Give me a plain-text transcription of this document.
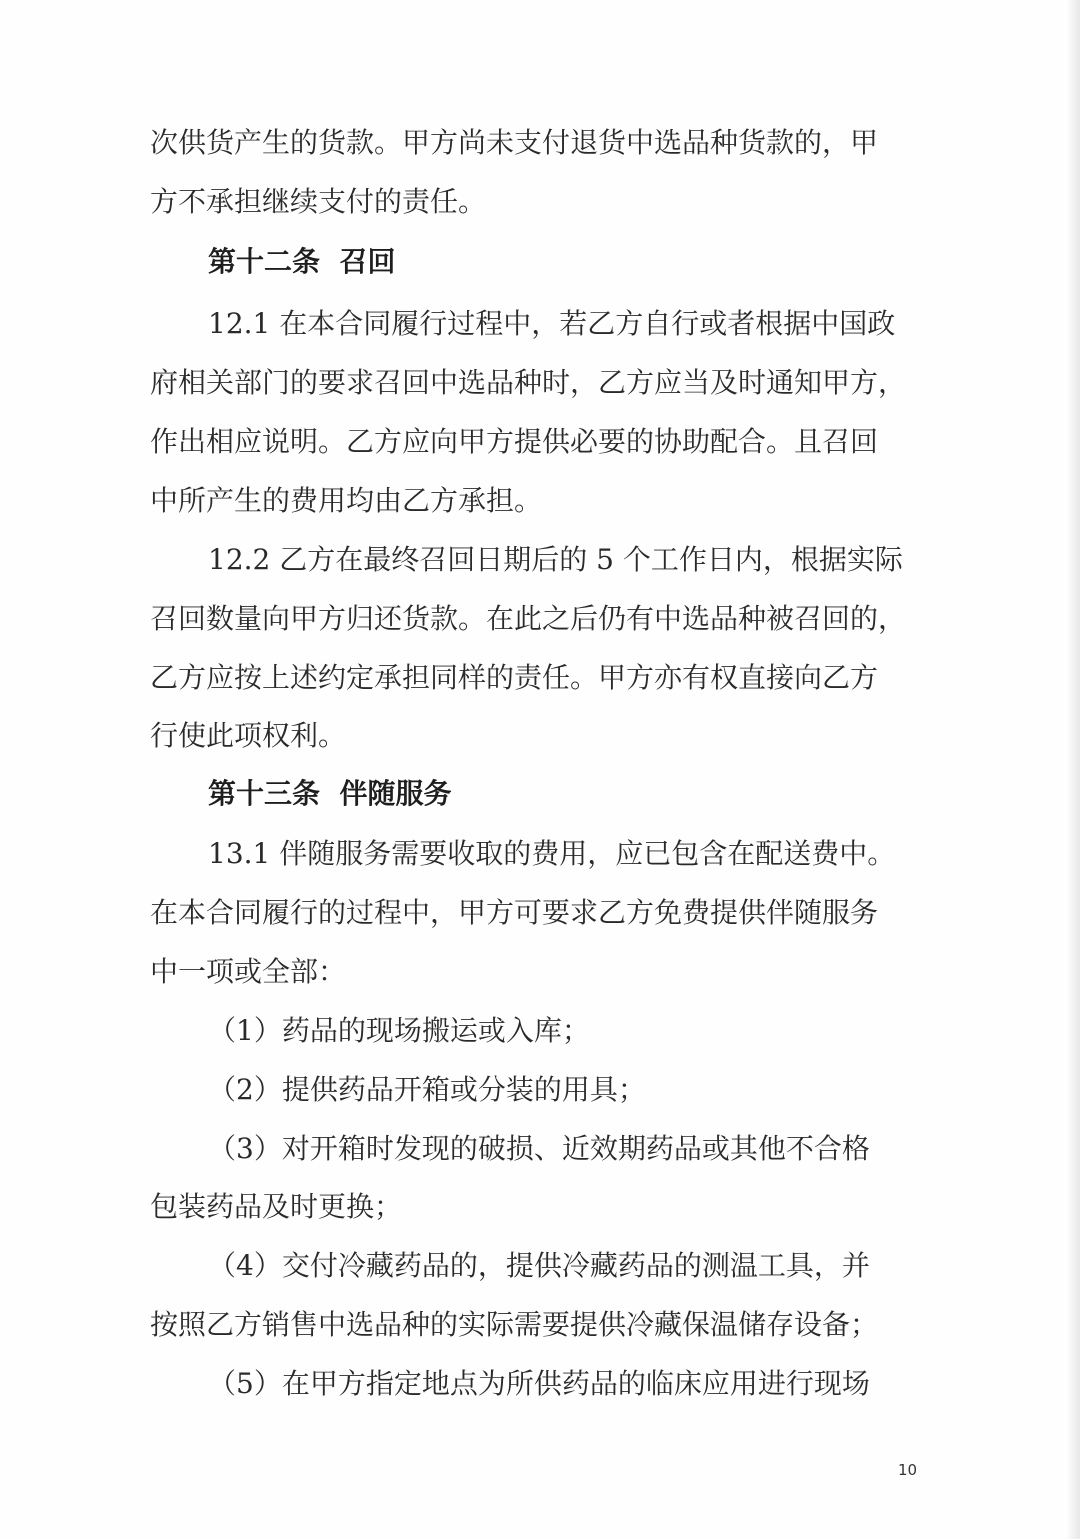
次供货产生的货款。甲方尚未支付退货中选品种货款的，甲
方不承担继续支付的责任。
第十二条  召回
12.1 在本合同履行过程中，若乙方自行或者根据中国政
府相关部门的要求召回中选品种时，乙方应当及时通知甲方，
作出相应说明。乙方应向甲方提供必要的协助配合。且召回
中所产生的费用均由乙方承担。
12.2 乙方在最终召回日期后的 5 个工作日内，根据实际
召回数量向甲方归还货款。在此之后仍有中选品种被召回的，
乙方应按上述约定承担同样的责任。甲方亦有权直接向乙方
行使此项权利。
第十三条  伴随服务
13.1 伴随服务需要收取的费用，应已包含在配送费中。
在本合同履行的过程中，甲方可要求乙方免费提供伴随服务
中一项或全部：
（1）药品的现场搬运或入库；
（2）提供药品开箱或分装的用具；
（3）对开箱时发现的破损、近效期药品或其他不合格
包装药品及时更换；
（4）交付冷藏药品的，提供冷藏药品的测温工具，并
按照乙方销售中选品种的实际需要提供冷藏保温储存设备；
（5）在甲方指定地点为所供药品的临床应用进行现场
10
